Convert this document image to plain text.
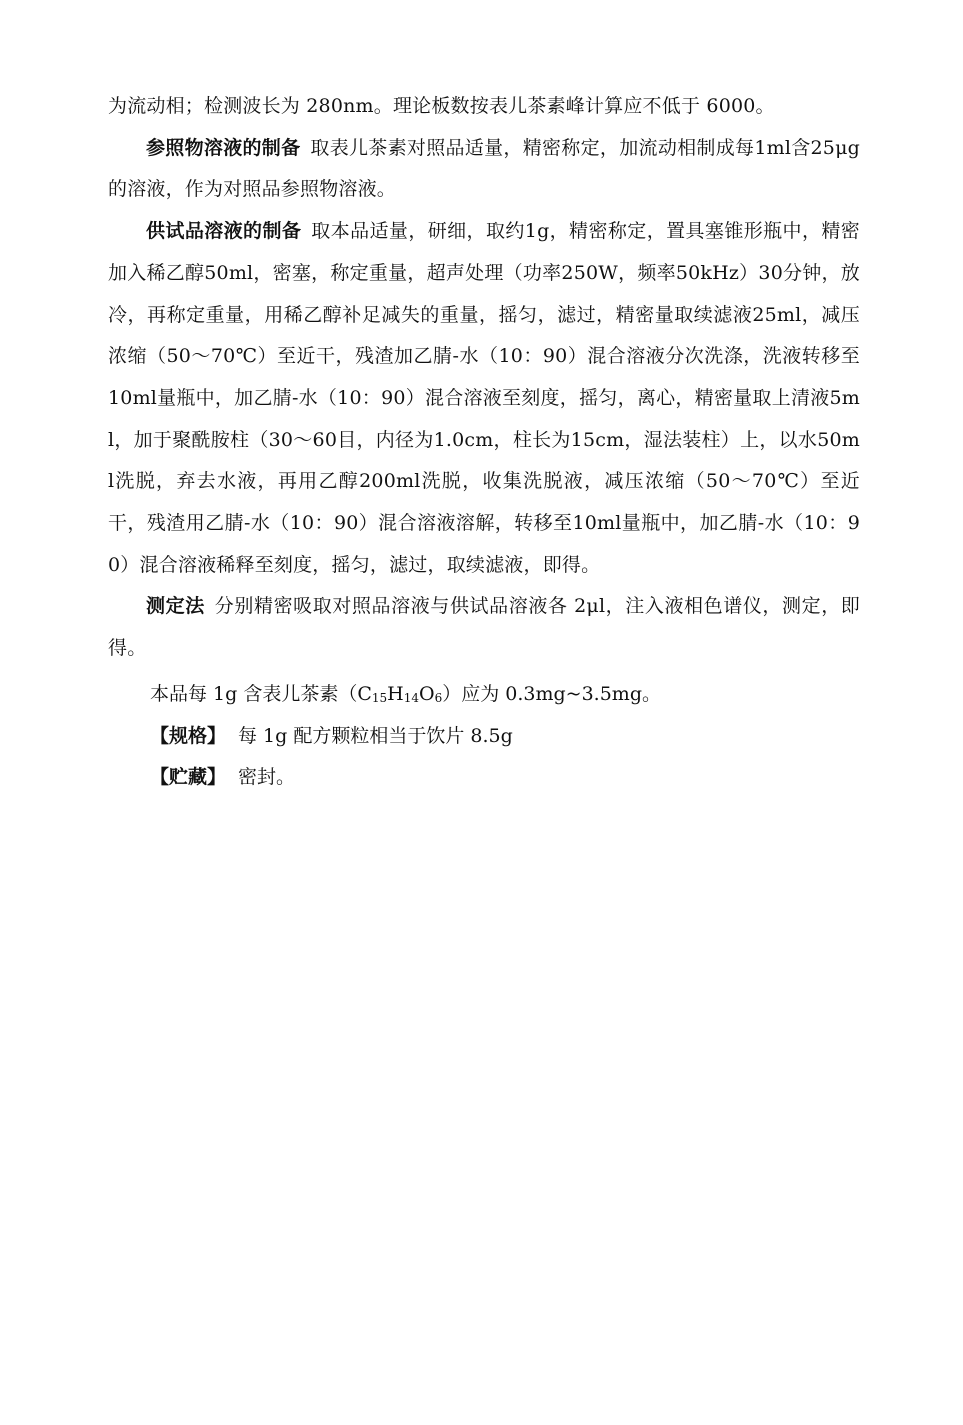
为流动相；检测波长为 280nm。理论板数按表儿茶素峰计算应不低于 6000。

参照物溶液的制备 取表儿茶素对照品适量，精密称定，加流动相制成每1ml含25μg的溶液，作为对照品参照物溶液。

供试品溶液的制备 取本品适量，研细，取约1g，精密称定，置具塞锥形瓶中，精密加入稀乙醇50ml，密塞，称定重量，超声处理（功率250W，频率50kHz）30分钟，放冷，再称定重量，用稀乙醇补足减失的重量，摇匀，滤过，精密量取续滤液25ml，减压浓缩（50～70℃）至近干，残渣加乙腈-水（10：90）混合溶液分次洗涤，洗液转移至10ml量瓶中，加乙腈-水（10：90）混合溶液至刻度，摇匀，离心，精密量取上清液5ml，加于聚酰胺柱（30～60目，内径为1.0cm，柱长为15cm，湿法装柱）上，以水50ml洗脱，弃去水液，再用乙醇200ml洗脱，收集洗脱液，减压浓缩（50～70℃）至近干，残渣用乙腈-水（10：90）混合溶液溶解，转移至10ml量瓶中，加乙腈-水（10：90）混合溶液稀释至刻度，摇匀，滤过，取续滤液，即得。

测定法 分别精密吸取对照品溶液与供试品溶液各 2μl，注入液相色谱仪，测定，即得。

本品每 1g 含表儿茶素$(C_{15}H_{14}O_6)$应为 0.3mg~3.5mg。

【规格】 每 1g 配方颗粒相当于饮片 8.5g

【贮藏】 密封。
